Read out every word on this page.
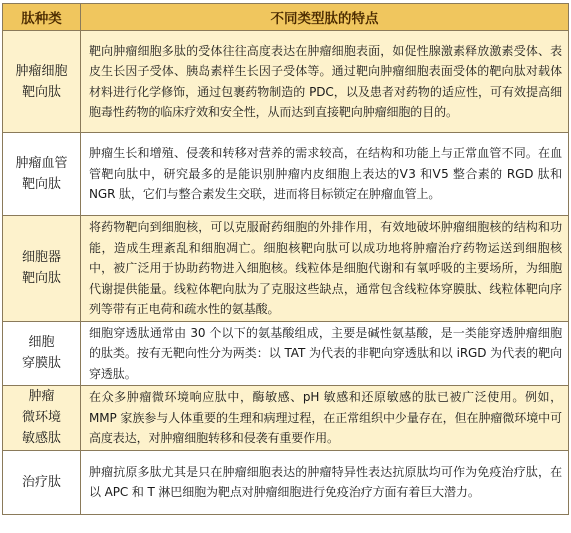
肽种类	不同类型肽的特点

肿瘤细胞
靶向肽	靶向肿瘤细胞多肽的受体往往高度表达在肿瘤细胞表面，如促性腺激素释放激素受体、表皮生长因子受体、胰岛素样生长因子受体等。通过靶向肿瘤细胞表面受体的靶向肽对载体材料进行化学修饰，通过包裹药物制造的 PDC，以及患者对药物的适应性，可有效提高细胞毒性药物的临床疗效和安全性，从而达到直接靶向肿瘤细胞的目的。

肿瘤血管
靶向肽	肿瘤生长和增殖、侵袭和转移对营养的需求较高，在结构和功能上与正常血管不同。在血管靶向肽中，研究最多的是能识别肿瘤内皮细胞上表达的Ⅴ3 和Ⅴ5 整合素的 RGD 肽和 NGR 肽，它们与整合素发生交联，进而将目标锁定在肿瘤血管上。

细胞器
靶向肽	将药物靶向到细胞核，可以克服耐药细胞的外排作用，有效地破坏肿瘤细胞核的结构和功能，造成生理紊乱和细胞凋亡。细胞核靶向肽可以成功地将肿瘤治疗药物运送到细胞核中，被广泛用于协助药物进入细胞核。线粒体是细胞代谢和有氧呼吸的主要场所，为细胞代谢提供能量。线粒体靶向肽为了克服这些缺点，通常包含线粒体穿膜肽、线粒体靶向序列等带有正电荷和疏水性的氨基酸。

细胞
穿膜肽	细胞穿透肽通常由 30 个以下的氨基酸组成，主要是碱性氨基酸，是一类能穿透肿瘤细胞的肽类。按有无靶向性分为两类：以 TAT 为代表的非靶向穿透肽和以 iRGD 为代表的靶向穿透肽。

肿瘤
微环境
敏感肽	在众多肿瘤微环境响应肽中，酶敏感、pH 敏感和还原敏感的肽已被广泛使用。例如，MMP 家族参与人体重要的生理和病理过程，在正常组织中少量存在，但在肿瘤微环境中可高度表达，对肿瘤细胞转移和侵袭有重要作用。

治疗肽	肿瘤抗原多肽尤其是只在肿瘤细胞表达的肿瘤特异性表达抗原肽均可作为免疫治疗肽，在以 APC 和 T 淋巴细胞为靶点对肿瘤细胞进行免疫治疗方面有着巨大潜力。
